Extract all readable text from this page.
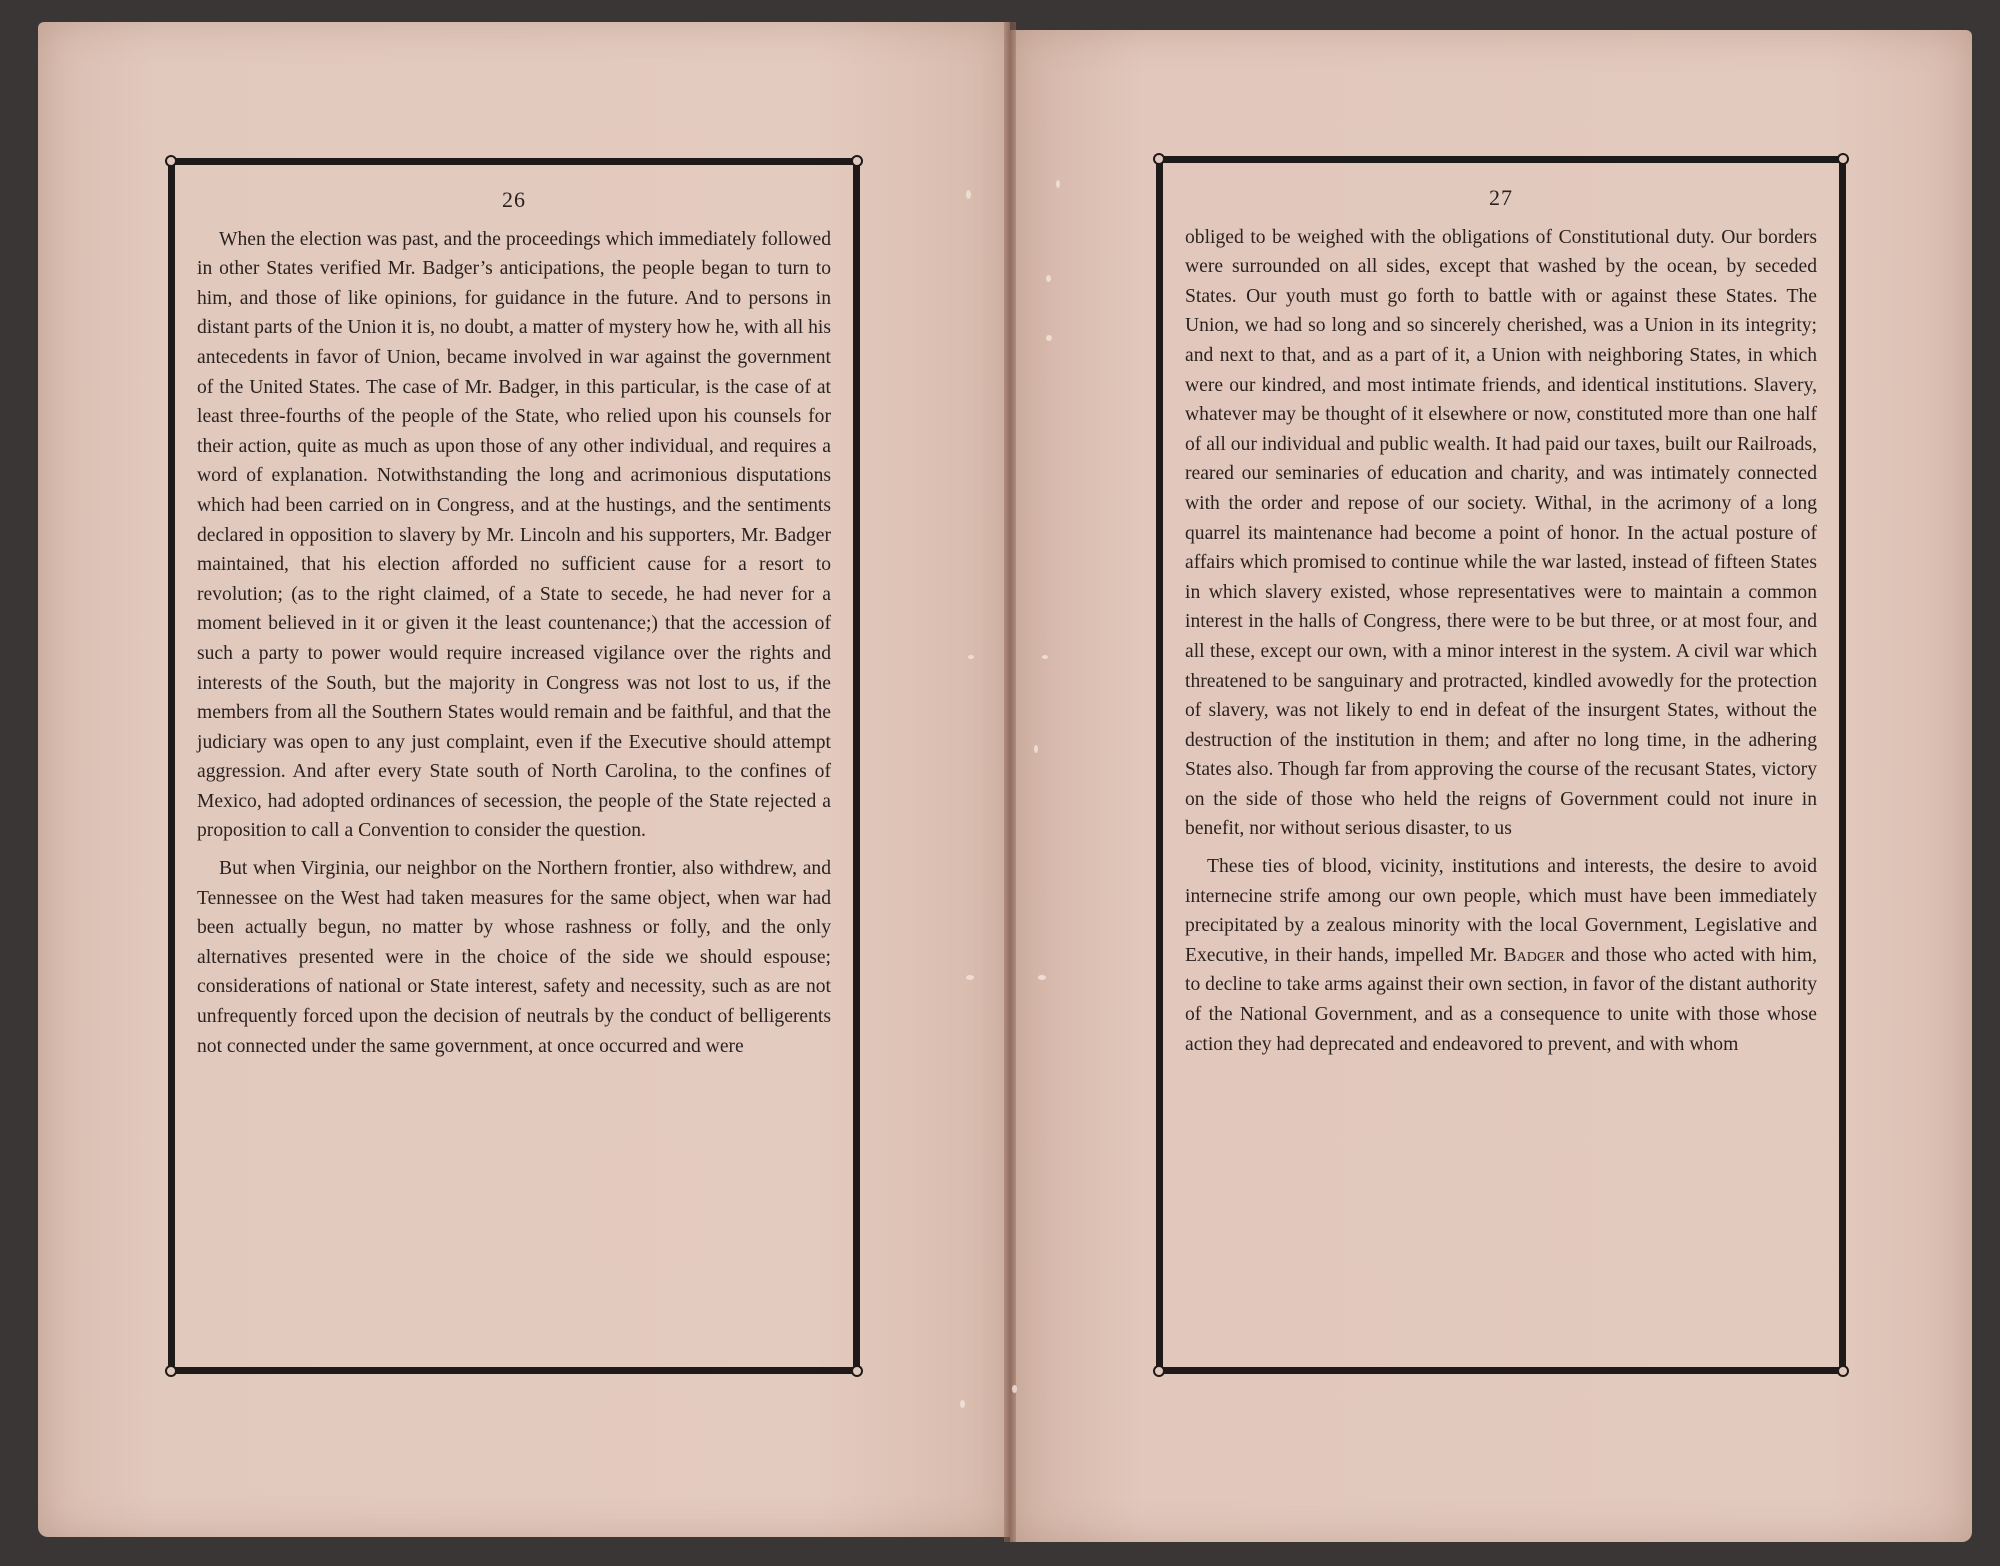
26

When the election was past, and the proceedings which immediately followed in other States verified Mr. Badger’s anticipations, the people began to turn to him, and those of like opinions, for guidance in the future. And to persons in distant parts of the Union it is, no doubt, a matter of mystery how he, with all his antecedents in favor of Union, became involved in war against the government of the United States. The case of Mr. Badger, in this particular, is the case of at least three-fourths of the people of the State, who relied upon his counsels for their action, quite as much as upon those of any other individual, and requires a word of explanation. Notwithstanding the long and acrimonious disputations which had been carried on in Congress, and at the hustings, and the sentiments declared in opposition to slavery by Mr. Lincoln and his supporters, Mr. Badger maintained, that his election afforded no sufficient cause for a resort to revolution; (as to the right claimed, of a State to secede, he had never for a moment believed in it or given it the least countenance;) that the accession of such a party to power would require increased vigilance over the rights and interests of the South, but the majority in Congress was not lost to us, if the members from all the Southern States would remain and be faithful, and that the judiciary was open to any just complaint, even if the Executive should attempt aggression. And after every State south of North Carolina, to the confines of Mexico, had adopted ordinances of secession, the people of the State rejected a proposition to call a Convention to consider the question.

But when Virginia, our neighbor on the Northern frontier, also withdrew, and Tennessee on the West had taken measures for the same object, when war had been actually begun, no matter by whose rashness or folly, and the only alternatives presented were in the choice of the side we should espouse; considerations of national or State interest, safety and necessity, such as are not unfrequently forced upon the decision of neutrals by the conduct of belligerents not connected under the same government, at once occurred and were

27

obliged to be weighed with the obligations of Constitutional duty. Our borders were surrounded on all sides, except that washed by the ocean, by seceded States. Our youth must go forth to battle with or against these States. The Union, we had so long and so sincerely cherished, was a Union in its integrity; and next to that, and as a part of it, a Union with neighboring States, in which were our kindred, and most intimate friends, and identical institutions. Slavery, whatever may be thought of it elsewhere or now, constituted more than one half of all our individual and public wealth. It had paid our taxes, built our Railroads, reared our seminaries of education and charity, and was intimately connected with the order and repose of our society. Withal, in the acrimony of a long quarrel its maintenance had become a point of honor. In the actual posture of affairs which promised to continue while the war lasted, instead of fifteen States in which slavery existed, whose representatives were to maintain a common interest in the halls of Congress, there were to be but three, or at most four, and all these, except our own, with a minor interest in the system. A civil war which threatened to be sanguinary and protracted, kindled avowedly for the protection of slavery, was not likely to end in defeat of the insurgent States, without the destruction of the institution in them; and after no long time, in the adhering States also. Though far from approving the course of the recusant States, victory on the side of those who held the reigns of Government could not inure in benefit, nor without serious disaster, to us

These ties of blood, vicinity, institutions and interests, the desire to avoid internecine strife among our own people, which must have been immediately precipitated by a zealous minority with the local Government, Legislative and Executive, in their hands, impelled Mr. Badger and those who acted with him, to decline to take arms against their own section, in favor of the distant authority of the National Government, and as a consequence to unite with those whose action they had deprecated and endeavored to prevent, and with whom
